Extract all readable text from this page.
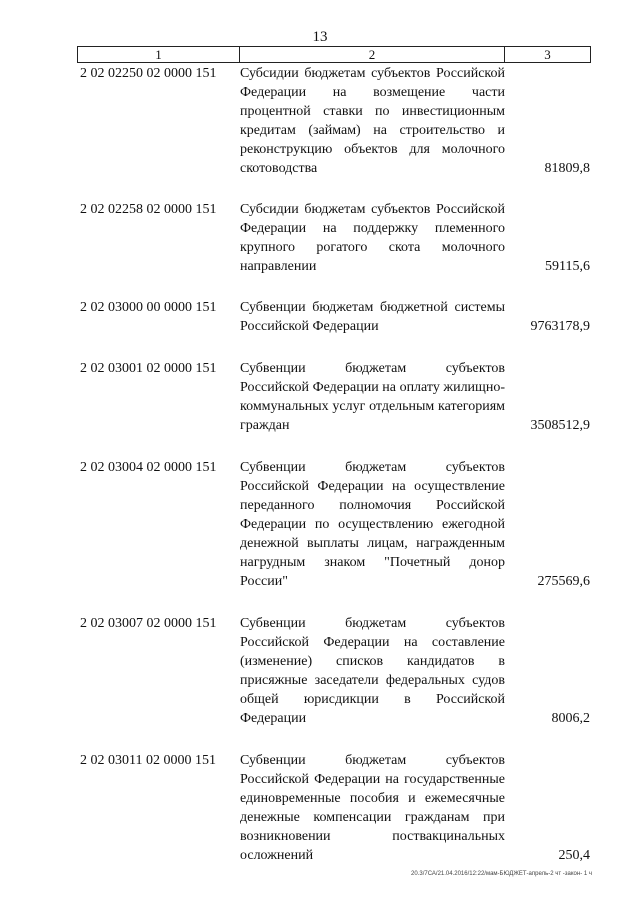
13
1	2	3
2 02 02250 02 0000 151	Субсидии бюджетам субъектов Российской Федерации на возмещение части процентной ставки по инвестиционным кредитам (займам) на строительство и реконструкцию объектов для молочного скотоводства	81809,8
2 02 02258 02 0000 151	Субсидии бюджетам субъектов Российской Федерации на поддержку племенного крупного рогатого скота молочного направлении	59115,6
2 02 03000 00 0000 151	Субвенции бюджетам бюджетной системы Российской Федерации	9763178,9
2 02 03001 02 0000 151	Субвенции бюджетам субъектов Российской Федерации на оплату жилищно-коммунальных услуг отдельным категориям граждан	3508512,9
2 02 03004 02 0000 151	Субвенции бюджетам субъектов Российской Федерации на осуществление переданного полномочия Российской Федерации по осуществлению ежегодной денежной выплаты лицам, награжденным нагрудным знаком "Почетный донор России"	275569,6
2 02 03007 02 0000 151	Субвенции бюджетам субъектов Российской Федерации на составление (изменение) списков кандидатов в присяжные заседатели федеральных судов общей юрисдикции в Российской Федерации	8006,2
2 02 03011 02 0000 151	Субвенции бюджетам субъектов Российской Федерации на государственные единовременные пособия и ежемесячные денежные компенсации гражданам при возникновении поствакцинальных осложнений	250,4
20.3/7СА/21.04.2016/12:22/мам-БЮДЖЕТ-апрель-2 чт -закон- 1 ч
